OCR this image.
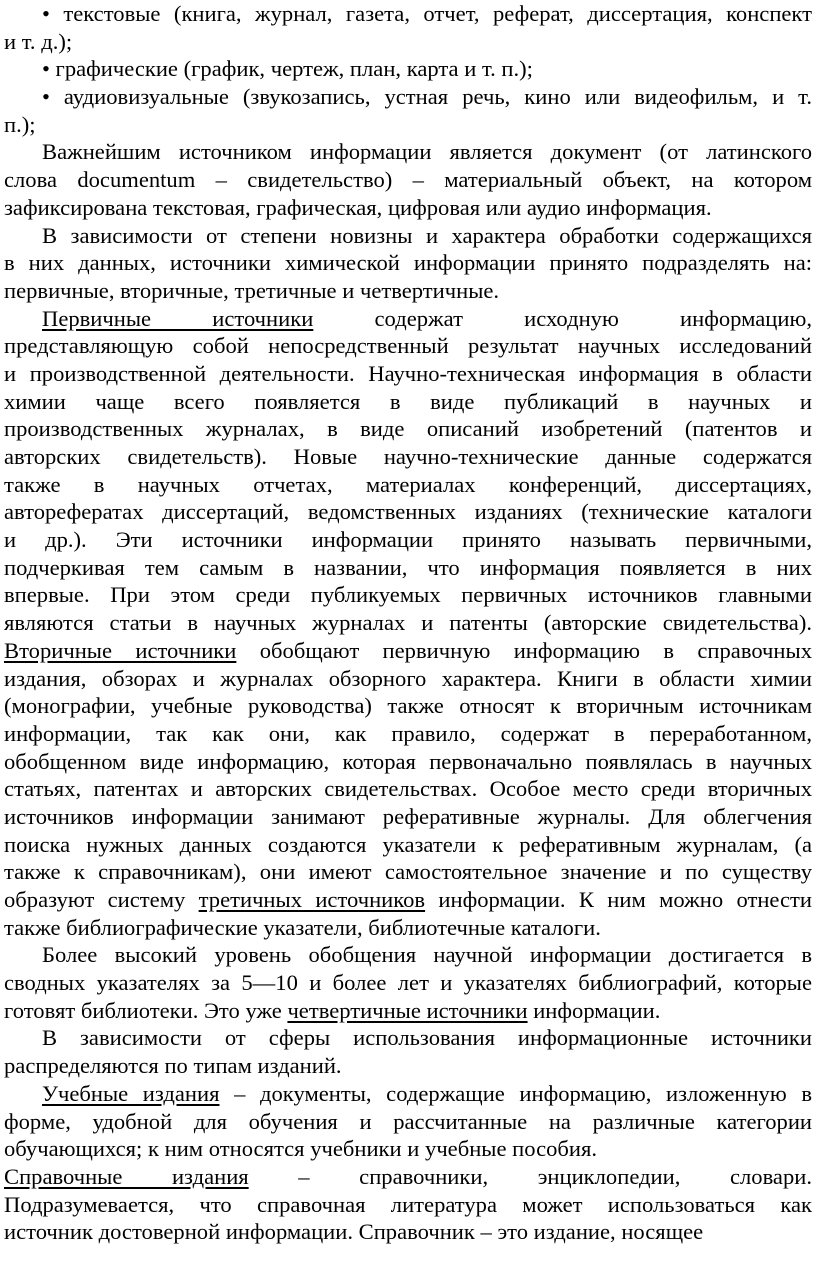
• текстовые (книга, журнал, газета, отчет, реферат, диссертация, конспект
и т. д.);
• графические (график, чертеж, план, карта и т. п.);
• аудиовизуальные (звукозапись, устная речь, кино или видеофильм, и т.
п.);
Важнейшим источником информации является документ (от латинского
слова documentum – свидетельство) – материальный объект, на котором
зафиксирована текстовая, графическая, цифровая или аудио информация.
В зависимости от степени новизны и характера обработки содержащихся
в них данных, источники химической информации принято подразделять на:
первичные, вторичные, третичные и четвертичные.
Первичные источники содержат исходную информацию,
представляющую собой непосредственный результат научных исследований
и производственной деятельности. Научно-техническая информация в области
химии чаще всего появляется в виде публикаций в научных и
производственных журналах, в виде описаний изобретений (патентов и
авторских свидетельств). Новые научно-технические данные содержатся
также в научных отчетах, материалах конференций, диссертациях,
авторефератах диссертаций, ведомственных изданиях (технические каталоги
и др.). Эти источники информации принято называть первичными,
подчеркивая тем самым в названии, что информация появляется в них
впервые. При этом среди публикуемых первичных источников главными
являются статьи в научных журналах и патенты (авторские свидетельства).
Вторичные источники обобщают первичную информацию в справочных
издания, обзорах и журналах обзорного характера. Книги в области химии
(монографии, учебные руководства) также относят к вторичным источникам
информации, так как они, как правило, содержат в переработанном,
обобщенном виде информацию, которая первоначально появлялась в научных
статьях, патентах и авторских свидетельствах. Особое место среди вторичных
источников информации занимают реферативные журналы. Для облегчения
поиска нужных данных создаются указатели к реферативным журналам, (а
также к справочникам), они имеют самостоятельное значение и по существу
образуют систему третичных источников информации. К ним можно отнести
также библиографические указатели, библиотечные каталоги.
Более высокий уровень обобщения научной информации достигается в
сводных указателях за 5—10 и более лет и указателях библиографий, которые
готовят библиотеки. Это уже четвертичные источники информации.
В зависимости от сферы использования информационные источники
распределяются по типам изданий.
Учебные издания – документы, содержащие информацию, изложенную в
форме, удобной для обучения и рассчитанные на различные категории
обучающихся; к ним относятся учебники и учебные пособия.
Справочные издания – справочники, энциклопедии, словари.
Подразумевается, что справочная литература может использоваться как
источник достоверной информации. Справочник – это издание, носящее
